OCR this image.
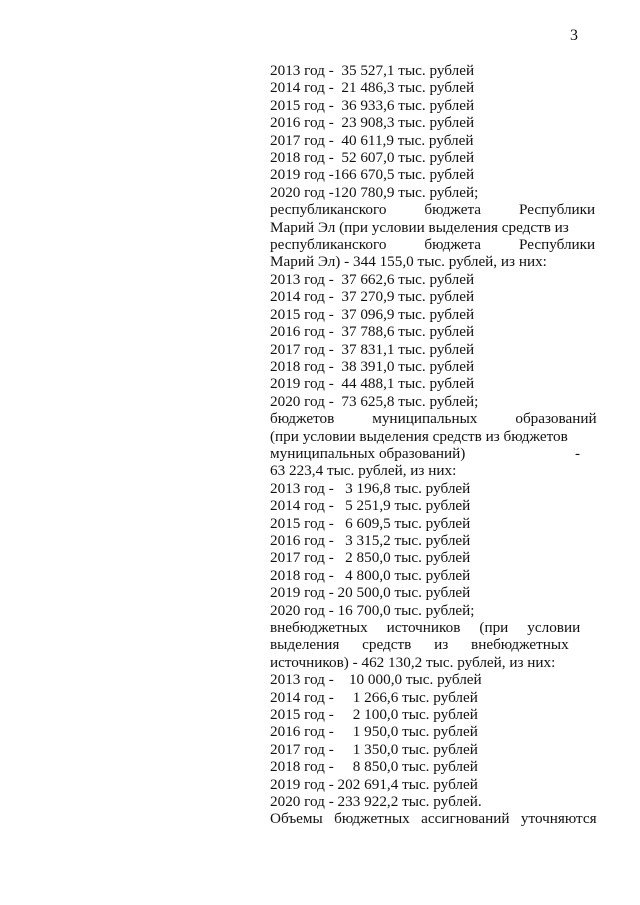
3
2013 год -  35 527,1 тыс. рублей
2014 год -  21 486,3 тыс. рублей
2015 год -  36 933,6 тыс. рублей
2016 год -  23 908,3 тыс. рублей
2017 год -  40 611,9 тыс. рублей
2018 год -  52 607,0 тыс. рублей
2019 год -166 670,5 тыс. рублей
2020 год -120 780,9 тыс. рублей;
республиканского          бюджета          Республики
Марий Эл (при условии выделения средств из
республиканского          бюджета          Республики
Марий Эл) - 344 155,0 тыс. рублей, из них:
2013 год -  37 662,6 тыс. рублей
2014 год -  37 270,9 тыс. рублей
2015 год -  37 096,9 тыс. рублей
2016 год -  37 788,6 тыс. рублей
2017 год -  37 831,1 тыс. рублей
2018 год -  38 391,0 тыс. рублей
2019 год -  44 488,1 тыс. рублей
2020 год -  73 625,8 тыс. рублей;
бюджетов          муниципальных          образований
(при условии выделения средств из бюджетов
муниципальных образований)	-
63 223,4 тыс. рублей, из них:
2013 год -   3 196,8 тыс. рублей
2014 год -   5 251,9 тыс. рублей
2015 год -   6 609,5 тыс. рублей
2016 год -   3 315,2 тыс. рублей
2017 год -   2 850,0 тыс. рублей
2018 год -   4 800,0 тыс. рублей
2019 год - 20 500,0 тыс. рублей
2020 год - 16 700,0 тыс. рублей;
внебюджетных     источников     (при     условии
выделения      средств      из      внебюджетных
источников) - 462 130,2 тыс. рублей, из них:
2013 год -    10 000,0 тыс. рублей
2014 год -     1 266,6 тыс. рублей
2015 год -     2 100,0 тыс. рублей
2016 год -     1 950,0 тыс. рублей
2017 год -     1 350,0 тыс. рублей
2018 год -     8 850,0 тыс. рублей
2019 год - 202 691,4 тыс. рублей
2020 год - 233 922,2 тыс. рублей.
Объемы   бюджетных   ассигнований   уточняются
